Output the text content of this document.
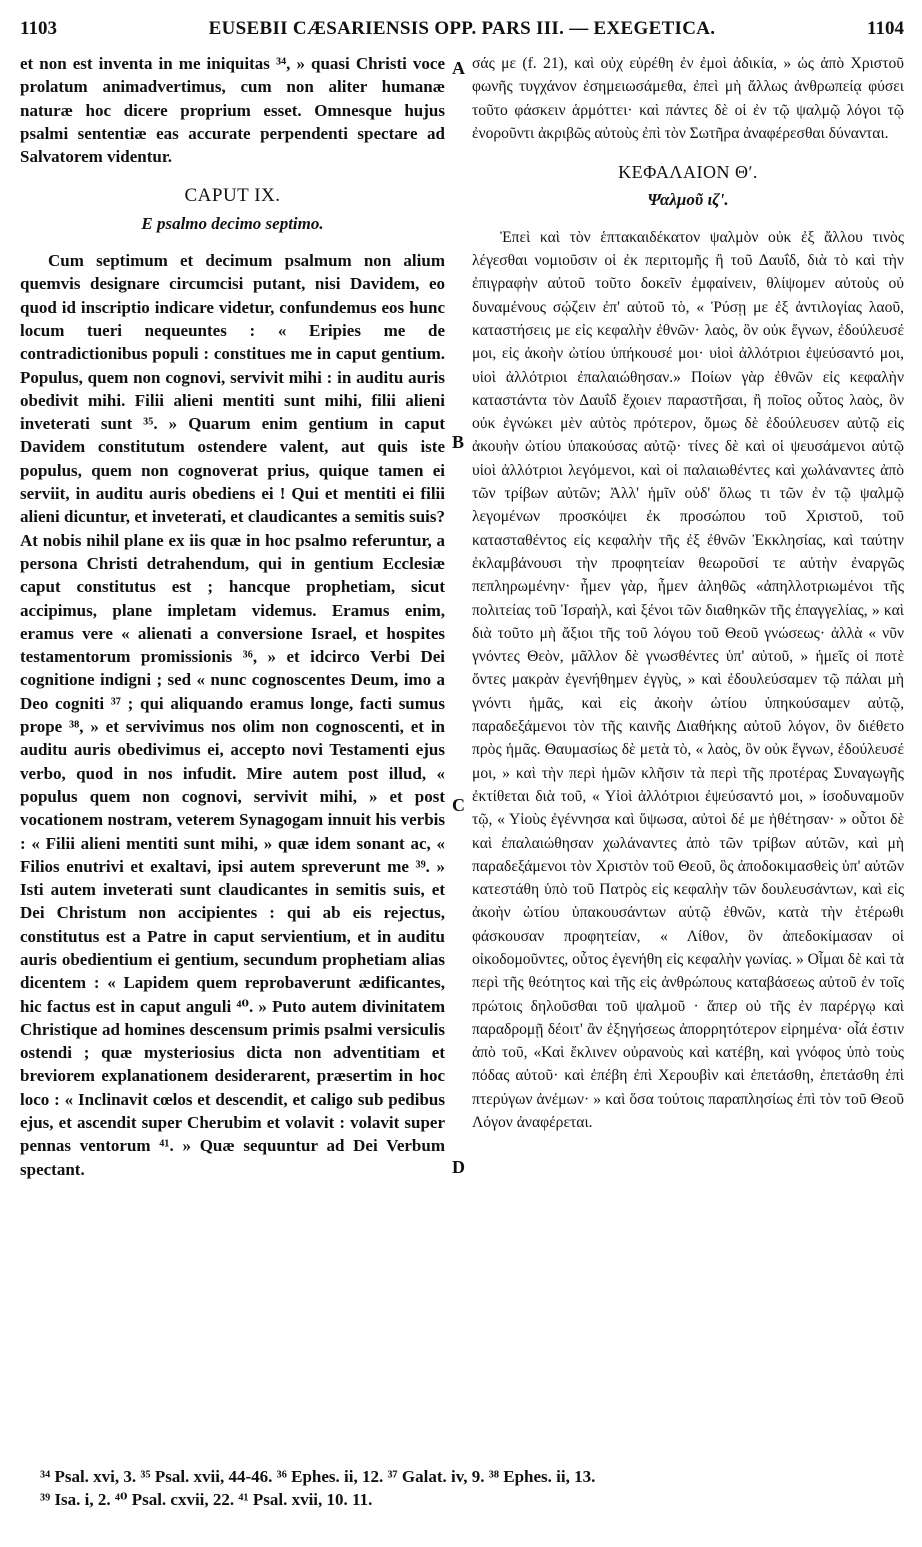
1103	EUSEBII CÆSARIENSIS OPP. PARS III. — EXEGETICA.	1104
A
B
C
D

et non est inventa in me iniquitas ³⁴, » quasi Christi voce prolatum animadvertimus, cum non aliter humanæ naturæ hoc dicere proprium esset. Omnesque hujus psalmi sententiæ eas accurate perpendenti spectare ad Salvatorem videntur.

CAPUT IX.

E psalmo decimo septimo.

Cum septimum et decimum psalmum non alium quemvis designare circumcisi putant, nisi Davidem, eo quod id inscriptio indicare videtur, confundemus eos hunc locum tueri nequeuntes : « Eripies me de contradictionibus populi : constitues me in caput gentium. Populus, quem non cognovi, servivit mihi : in auditu auris obedivit mihi. Filii alieni mentiti sunt mihi, filii alieni inveterati sunt ³⁵. » Quarum enim gentium in caput Davidem constitutum ostendere valent, aut quis iste populus, quem non cognoverat prius, quique tamen ei serviit, in auditu auris obediens ei ! Qui et mentiti ei filii alieni dicuntur, et inveterati, et claudicantes a semitis suis? At nobis nihil plane ex iis quæ in hoc psalmo referuntur, a persona Christi detrahendum, qui in gentium Ecclesiæ caput constitutus est ; hancque prophetiam, sicut accipimus, plane impletam videmus. Eramus enim, eramus vere « alienati a conversione Israel, et hospites testamentorum promissionis ³⁶, » et idcirco Verbi Dei cognitione indigni ; sed « nunc cognoscentes Deum, imo a Deo cogniti ³⁷ ; qui aliquando eramus longe, facti sumus prope ³⁸, » et servivimus nos olim non cognoscenti, et in auditu auris obedivimus ei, accepto novi Testamenti ejus verbo, quod in nos infudit. Mire autem post illud, « populus quem non cognovi, servivit mihi, » et post vocationem nostram, veterem Synagogam innuit his verbis : « Filii alieni mentiti sunt mihi, » quæ idem sonant ac, « Filios enutrivi et exaltavi, ipsi autem spreverunt me ³⁹. » Isti autem inveterati sunt claudicantes in semitis suis, et Dei Christum non accipientes : qui ab eis rejectus, constitutus est a Patre in caput servientium, et in auditu auris obedientium ei gentium, secundum prophetiam alias dicentem : « Lapidem quem reprobaverunt ædificantes, hic factus est in caput anguli ⁴⁰. » Puto autem divinitatem Christique ad homines descensum primis psalmi versiculis ostendi ; quæ mysteriosius dicta non adventitiam et breviorem explanationem desiderarent, præsertim in hoc loco : « Inclinavit cœlos et descendit, et caligo sub pedibus ejus, et ascendit super Cherubim et volavit : volavit super pennas ventorum ⁴¹. » Quæ sequuntur ad Dei Verbum spectant.

σάς με (f. 21), καὶ οὐχ εὑρέθη ἐν ἐμοὶ ἀδικία, » ὡς ἀπὸ Χριστοῦ φωνῆς τυγχάνον ἐσημειωσάμεθα, ἐπεὶ μὴ ἄλλως ἀνθρωπείᾳ φύσει τοῦτο φάσκειν ἁρμόττει· καὶ πάντες δὲ οἱ ἐν τῷ ψαλμῷ λόγοι τῷ ἐνοροῦντι ἀκριβῶς αὐτοὺς ἐπὶ τὸν Σωτῆρα ἀναφέρεσθαι δύνανται.

ΚΕΦΑΛΑΙΟΝ Θʹ.

Ψαλμοῦ ιζʹ.

Ἐπεὶ καὶ τὸν ἑπτακαιδέκατον ψαλμὸν οὐκ ἐξ ἄλλου τινὸς λέγεσθαι νομιοῦσιν οἱ ἐκ περιτομῆς ἢ τοῦ Δαυΐδ, διὰ τὸ καὶ τὴν ἐπιγραφὴν αὐτοῦ τοῦτο δοκεῖν ἐμφαίνειν, θλίψομεν αὐτοὺς οὐ δυναμένους σῴζειν ἐπ' αὐτοῦ τὸ, « Ῥύσῃ με ἐξ ἀντιλογίας λαοῦ, καταστήσεις με εἰς κεφαλὴν ἐθνῶν· λαὸς, ὃν οὐκ ἔγνων, ἐδούλευσέ μοι, εἰς ἀκοὴν ὠτίου ὑπήκουσέ μοι· υἱοὶ ἀλλότριοι ἐψεύσαντό μοι, υἱοὶ ἀλλότριοι ἐπαλαιώθησαν.» Ποίων γὰρ ἐθνῶν εἰς κεφαλὴν καταστάντα τὸν Δαυΐδ ἔχοιεν παραστῆσαι, ἢ ποῖος οὗτος λαὸς, ὃν οὐκ ἐγνώκει μὲν αὐτὸς πρότερον, ὅμως δὲ ἐδούλευσεν αὐτῷ εἰς ἀκουὴν ὠτίου ὑπακούσας αὐτῷ· τίνες δὲ καὶ οἱ ψευσάμενοι αὐτῷ υἱοὶ ἀλλότριοι λεγόμενοι, καὶ οἱ παλαιωθέντες καὶ χωλάναντες ἀπὸ τῶν τρίβων αὐτῶν; Ἀλλ' ἡμῖν οὐδ' ὅλως τι τῶν ἐν τῷ ψαλμῷ λεγομένων προσκόψει ἐκ προσώπου τοῦ Χριστοῦ, τοῦ κατασταθέντος εἰς κεφαλὴν τῆς ἐξ ἐθνῶν Ἐκκλησίας, καὶ ταύτην ἐκλαμβάνουσι τὴν προφητείαν θεωροῦσί τε αὐτὴν ἐναργῶς πεπληρωμένην· ἦμεν γὰρ, ἦμεν ἀληθῶς «ἀπηλλοτριωμένοι τῆς πολιτείας τοῦ Ἰσραὴλ, καὶ ξένοι τῶν διαθηκῶν τῆς ἐπαγγελίας, » καὶ διὰ τοῦτο μὴ ἄξιοι τῆς τοῦ λόγου τοῦ Θεοῦ γνώσεως· ἀλλὰ « νῦν γνόντες Θεὸν, μᾶλλον δὲ γνωσθέντες ὑπ' αὐτοῦ, » ἡμεῖς οἱ ποτὲ ὄντες μακρὰν ἐγενήθημεν ἐγγὺς, » καὶ ἐδουλεύσαμεν τῷ πάλαι μὴ γνόντι ἡμᾶς, καὶ εἰς ἀκοὴν ὠτίου ὑπηκούσαμεν αὐτῷ, παραδεξάμενοι τὸν τῆς καινῆς Διαθήκης αὐτοῦ λόγον, ὃν διέθετο πρὸς ἡμᾶς. Θαυμασίως δὲ μετὰ τὸ, « λαὸς, ὃν οὐκ ἔγνων, ἐδούλευσέ μοι, » καὶ τὴν περὶ ἡμῶν κλῆσιν τὰ περὶ τῆς προτέρας Συναγωγῆς ἐκτίθεται διὰ τοῦ, « Υἱοὶ ἀλλότριοι ἐψεύσαντό μοι, » ἰσοδυναμοῦν τῷ, « Υἱοὺς ἐγέννησα καὶ ὕψωσα, αὐτοὶ δέ με ἠθέτησαν· » οὗτοι δὲ καὶ ἐπαλαιώθησαν χωλάναντες ἀπὸ τῶν τρίβων αὐτῶν, καὶ μὴ παραδεξάμενοι τὸν Χριστὸν τοῦ Θεοῦ, ὃς ἀποδοκιμασθεὶς ὑπ' αὐτῶν κατεστάθη ὑπὸ τοῦ Πατρὸς εἰς κεφαλὴν τῶν δουλευσάντων, καὶ εἰς ἀκοὴν ὠτίου ὑπακουσάντων αὐτῷ ἐθνῶν, κατὰ τὴν ἑτέρωθι φάσκουσαν προφητείαν, « Λίθον, ὃν ἀπεδοκίμασαν οἱ οἰκοδομοῦντες, οὗτος ἐγενήθη εἰς κεφαλὴν γωνίας. » Οἶμαι δὲ καὶ τὰ περὶ τῆς θεότητος καὶ τῆς εἰς ἀνθρώπους καταβάσεως αὐτοῦ ἐν τοῖς πρώτοις δηλοῦσθαι τοῦ ψαλμοῦ · ἅπερ οὐ τῆς ἐν παρέργῳ καὶ παραδρομῇ δέοιτ' ἂν ἐξηγήσεως ἀπορρητότερον εἰρημένα· οἷά ἐστιν ἀπὸ τοῦ, «Καὶ ἔκλινεν οὐρανοὺς καὶ κατέβη, καὶ γνόφος ὑπὸ τοὺς πόδας αὐτοῦ· καὶ ἐπέβη ἐπὶ Χερουβὶν καὶ ἐπετάσθη, ἐπετάσθη ἐπὶ πτερύγων ἀνέμων· » καὶ ὅσα τούτοις παραπλησίως ἐπὶ τὸν τοῦ Θεοῦ Λόγον ἀναφέρεται.

³⁴ Psal. xvi, 3. ³⁵ Psal. xvii, 44-46. ³⁶ Ephes. ii, 12. ³⁷ Galat. iv, 9. ³⁸ Ephes. ii, 13.
³⁹ Isa. i, 2. ⁴⁰ Psal. cxvii, 22. ⁴¹ Psal. xvii, 10. 11.
